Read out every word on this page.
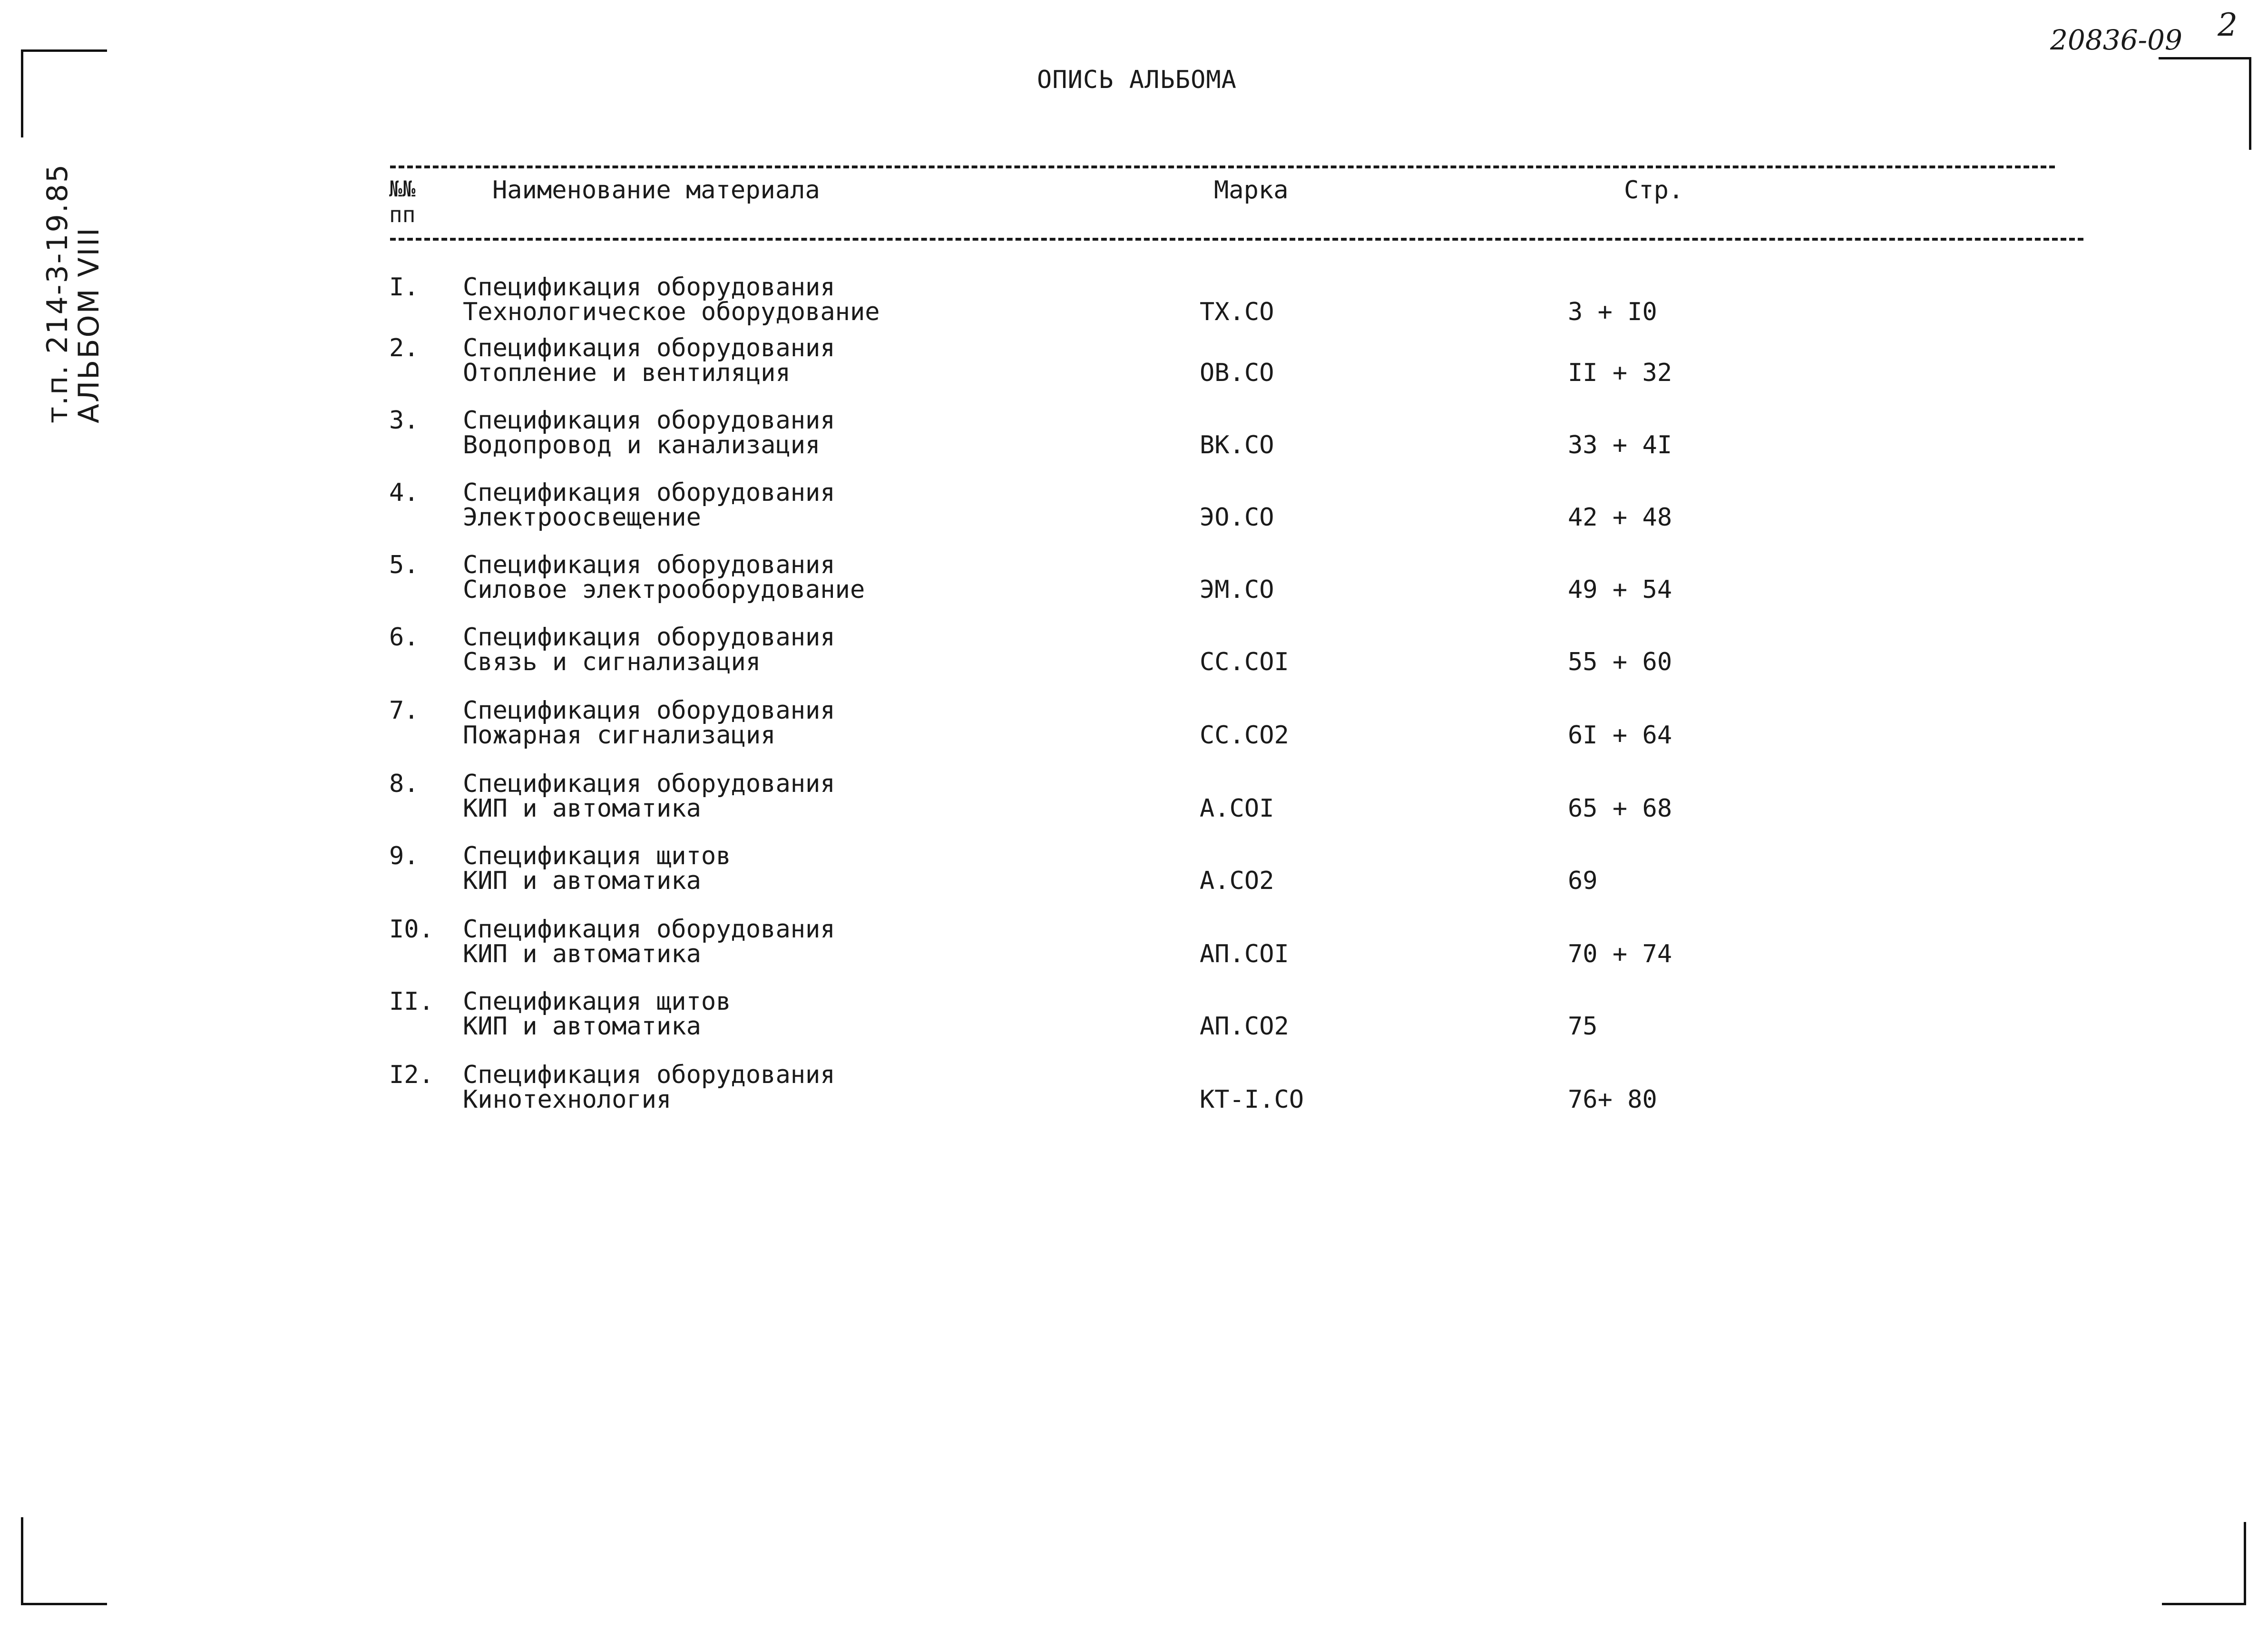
т.п. 214-3-19.85
АЛЬБОМ VIII
20836-09 2
ОПИСЬ АЛЬБОМА
№№
пп
Наименование материала	Марка	Стр.
I. Спецификация оборудования
Технологическое оборудование	ТХ.СО	3 + I0
2. Спецификация оборудования
Отопление и вентиляция	ОВ.СО	II + 32
3. Спецификация оборудования
Водопровод и канализация	ВК.СО	33 + 4I
4. Спецификация оборудования
Электроосвещение	ЭО.СО	42 + 48
5. Спецификация оборудования
Силовое электрооборудование	ЭМ.СО	49 + 54
6. Спецификация оборудования
Связь и сигнализация	СС.СОI	55 + 60
7. Спецификация оборудования
Пожарная сигнализация	СС.СО2	6I + 64
8. Спецификация оборудования
КИП и автоматика	А.СОI	65 + 68
9. Спецификация щитов
КИП и автоматика	А.СО2	69
I0. Спецификация оборудования
КИП и автоматика	АП.СОI	70 + 74
II. Спецификация щитов
КИП и автоматика	АП.СО2	75
I2. Спецификация оборудования
Кинотехнология	КТ-I.СО	76+ 80
